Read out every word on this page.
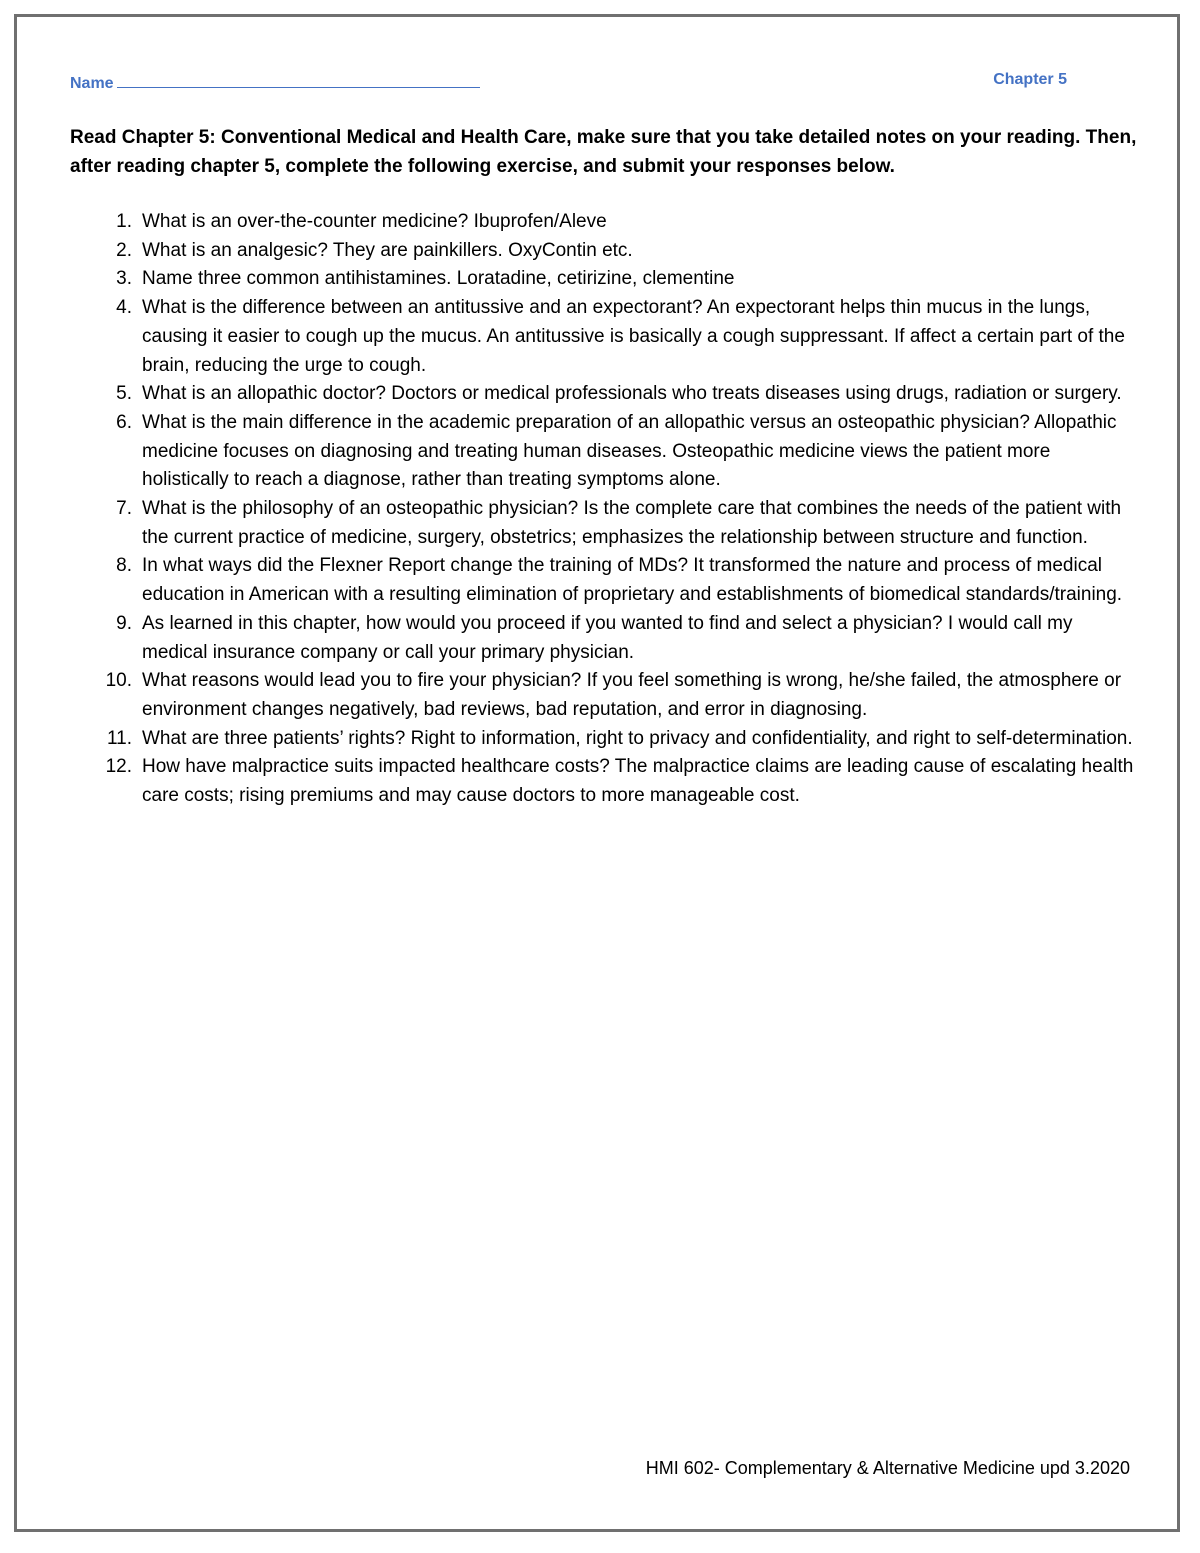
Name	Chapter 5
Read Chapter 5: Conventional Medical and Health Care, make sure that you take detailed notes on your reading. Then, after reading chapter 5, complete the following exercise, and submit your responses below.
1. What is an over-the-counter medicine? Ibuprofen/Aleve
2. What is an analgesic? They are painkillers. OxyContin etc.
3. Name three common antihistamines. Loratadine, cetirizine, clementine
4. What is the difference between an antitussive and an expectorant? An expectorant helps thin mucus in the lungs, causing it easier to cough up the mucus. An antitussive is basically a cough suppressant. If affect a certain part of the brain, reducing the urge to cough.
5. What is an allopathic doctor? Doctors or medical professionals who treats diseases using drugs, radiation or surgery.
6. What is the main difference in the academic preparation of an allopathic versus an osteopathic physician? Allopathic medicine focuses on diagnosing and treating human diseases. Osteopathic medicine views the patient more holistically to reach a diagnose, rather than treating symptoms alone.
7. What is the philosophy of an osteopathic physician? Is the complete care that combines the needs of the patient with the current practice of medicine, surgery, obstetrics; emphasizes the relationship between structure and function.
8. In what ways did the Flexner Report change the training of MDs? It transformed the nature and process of medical education in American with a resulting elimination of proprietary and establishments of biomedical standards/training.
9. As learned in this chapter, how would you proceed if you wanted to find and select a physician? I would call my medical insurance company or call your primary physician.
10. What reasons would lead you to fire your physician? If you feel something is wrong, he/she failed, the atmosphere or environment changes negatively, bad reviews, bad reputation, and error in diagnosing.
11. What are three patients’ rights? Right to information, right to privacy and confidentiality, and right to self-determination.
12. How have malpractice suits impacted healthcare costs? The malpractice claims are leading cause of escalating health care costs; rising premiums and may cause doctors to more manageable cost.
HMI 602- Complementary & Alternative Medicine upd 3.2020
